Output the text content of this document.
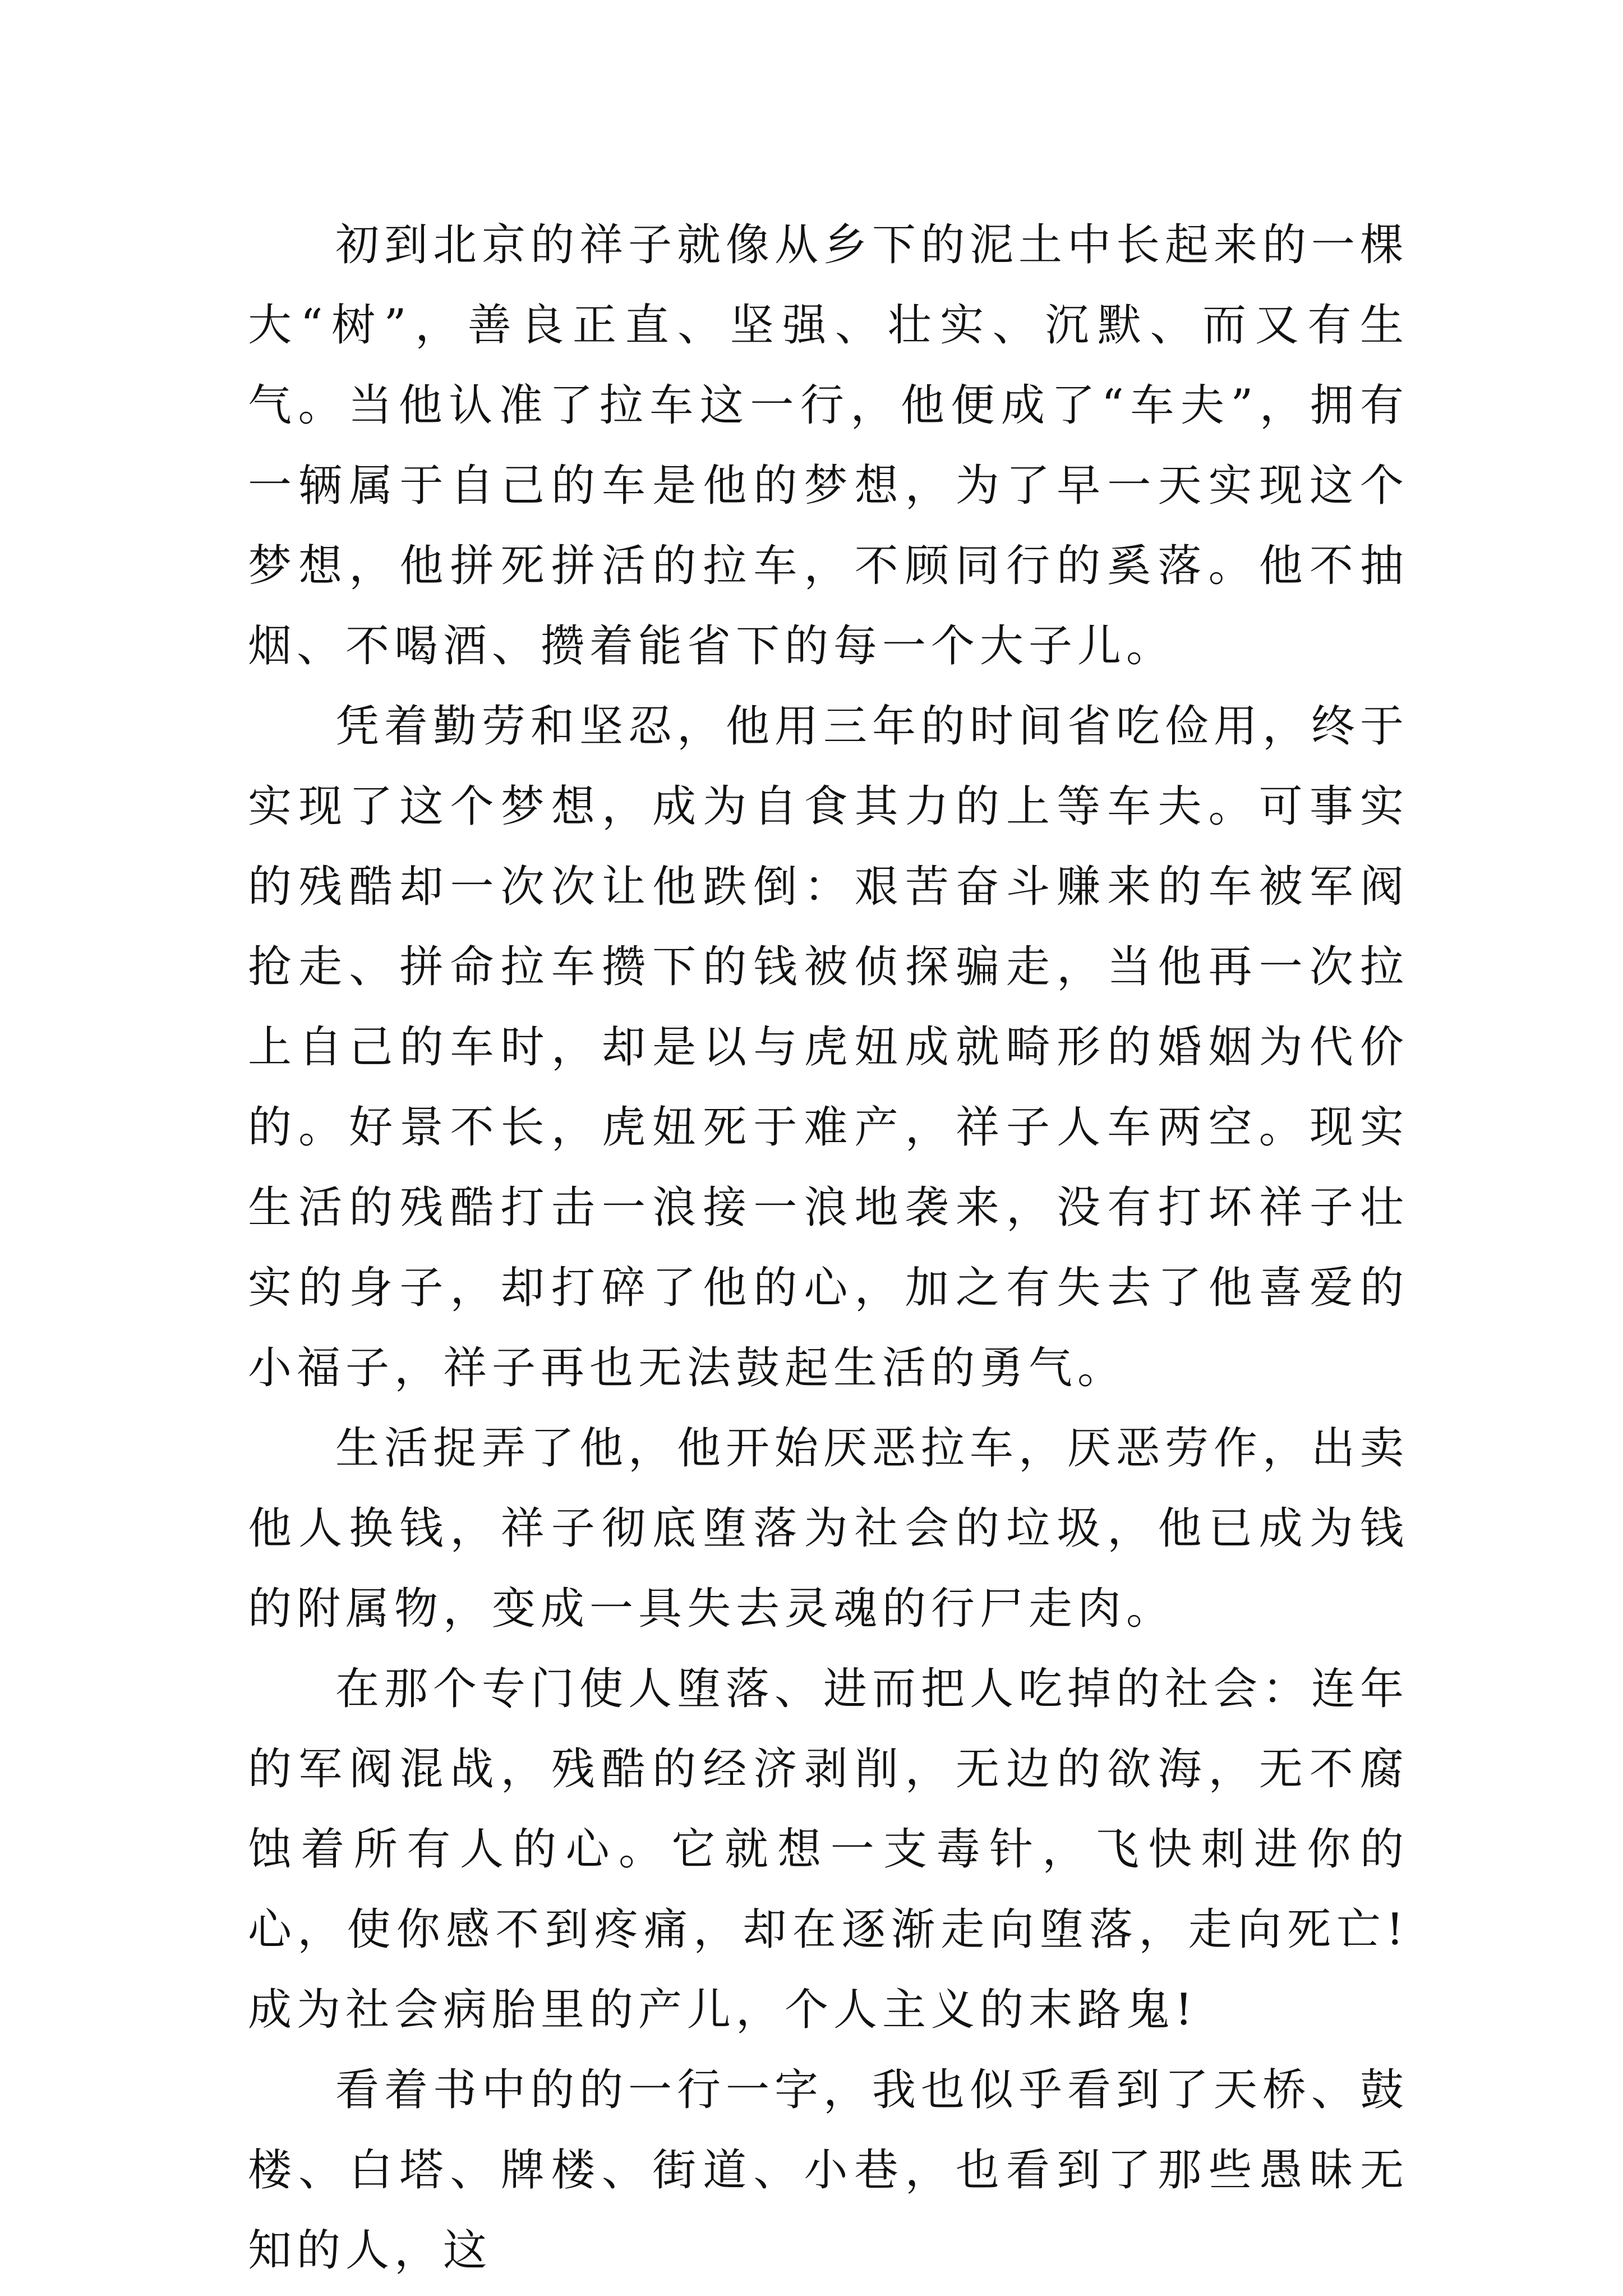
初到北京的祥子就像从乡下的泥土中长起来的一棵大“树”，善良正直、坚强、壮实、沉默、而又有生气。当他认准了拉车这一行，他便成了“车夫”，拥有一辆属于自己的车是他的梦想，为了早一天实现这个梦想，他拼死拼活的拉车，不顾同行的奚落。他不抽烟、不喝酒、攒着能省下的每一个大子儿。

凭着勤劳和坚忍，他用三年的时间省吃俭用，终于实现了这个梦想，成为自食其力的上等车夫。可事实的残酷却一次次让他跌倒：艰苦奋斗赚来的车被军阀抢走、拼命拉车攒下的钱被侦探骗走，当他再一次拉上自己的车时，却是以与虎妞成就畸形的婚姻为代价的。好景不长，虎妞死于难产，祥子人车两空。现实生活的残酷打击一浪接一浪地袭来，没有打坏祥子壮实的身子，却打碎了他的心，加之有失去了他喜爱的小福子，祥子再也无法鼓起生活的勇气。

生活捉弄了他，他开始厌恶拉车，厌恶劳作，出卖他人换钱，祥子彻底堕落为社会的垃圾，他已成为钱的附属物，变成一具失去灵魂的行尸走肉。

在那个专门使人堕落、进而把人吃掉的社会：连年的军阀混战，残酷的经济剥削，无边的欲海，无不腐蚀着所有人的心。它就想一支毒针，飞快刺进你的心，使你感不到疼痛，却在逐渐走向堕落，走向死亡!成为社会病胎里的产儿，个人主义的末路鬼!

看着书中的的一行一字，我也似乎看到了天桥、鼓楼、白塔、牌楼、街道、小巷，也看到了那些愚昧无知的人，这
